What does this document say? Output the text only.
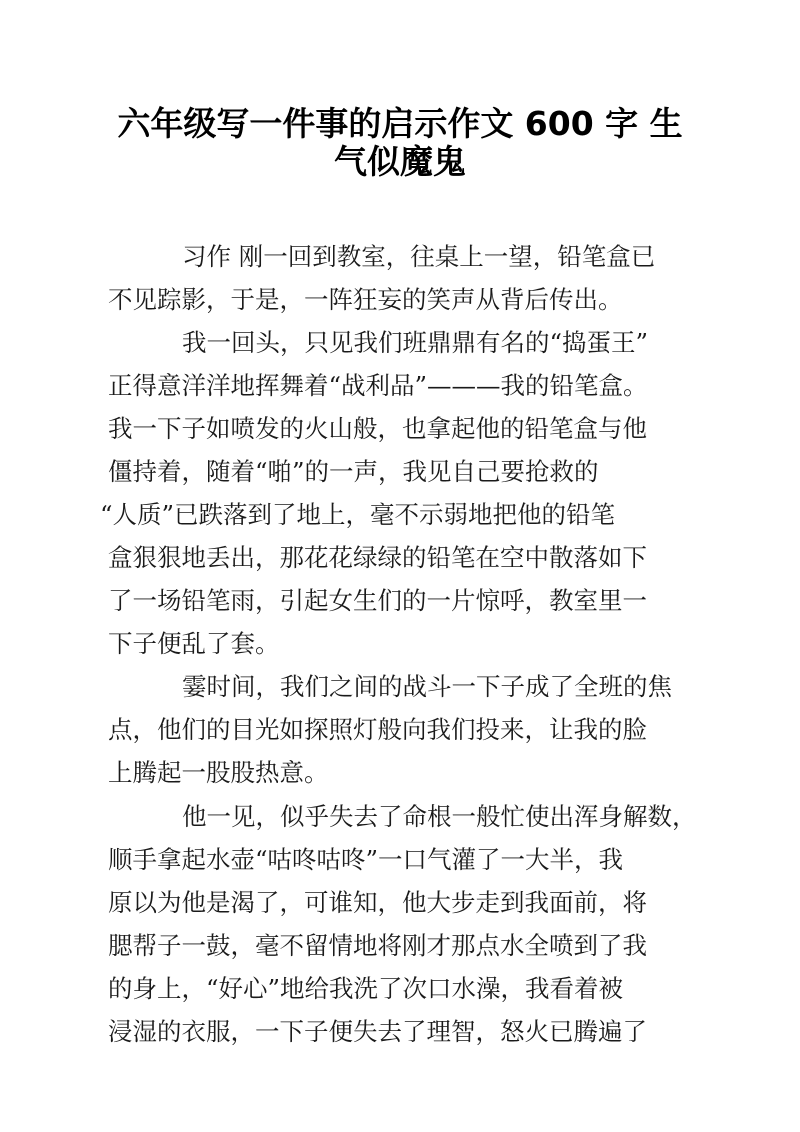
六年级写一件事的启示作文 600 字 生
气似魔鬼
习作 刚一回到教室，往桌上一望，铅笔盒已
不见踪影，于是，一阵狂妄的笑声从背后传出。
我一回头，只见我们班鼎鼎有名的“捣蛋王”
正得意洋洋地挥舞着“战利品”———我的铅笔盒。
我一下子如喷发的火山般，也拿起他的铅笔盒与他
僵持着，随着“啪”的一声，我见自己要抢救的
“人质”已跌落到了地上，毫不示弱地把他的铅笔
盒狠狠地丢出，那花花绿绿的铅笔在空中散落如下
了一场铅笔雨，引起女生们的一片惊呼，教室里一
下子便乱了套。
霎时间，我们之间的战斗一下子成了全班的焦
点，他们的目光如探照灯般向我们投来，让我的脸
上腾起一股股热意。
他一见，似乎失去了命根一般忙使出浑身解数，
顺手拿起水壶“咕咚咕咚”一口气灌了一大半，我
原以为他是渴了，可谁知，他大步走到我面前，将
腮帮子一鼓，毫不留情地将刚才那点水全喷到了我
的身上，“好心”地给我洗了次口水澡，我看着被
浸湿的衣服，一下子便失去了理智，怒火已腾遍了
